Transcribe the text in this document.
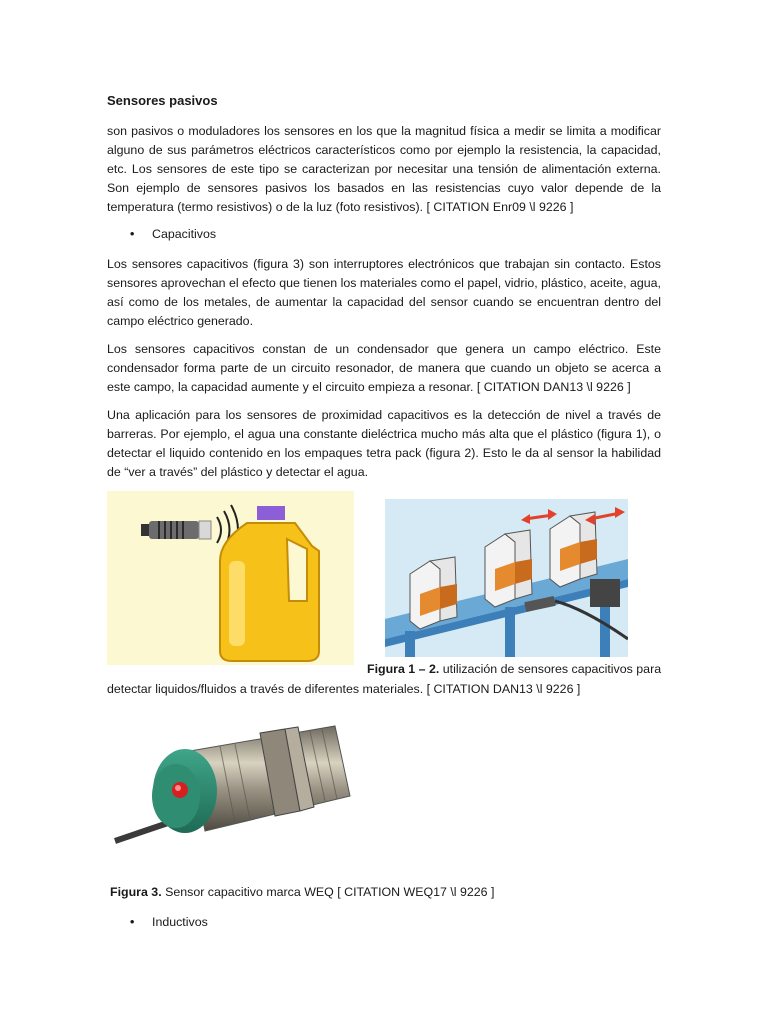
Sensores pasivos
son pasivos o moduladores los sensores en los que la magnitud física a medir se limita a modificar alguno de sus parámetros eléctricos característicos como por ejemplo la resistencia, la capacidad, etc. Los sensores de este tipo se caracterizan por necesitar una tensión de alimentación externa. Son ejemplo de sensores pasivos los basados en las resistencias cuyo valor depende de la temperatura (termo resistivos) o de la luz (foto resistivos). [ CITATION Enr09 \l 9226 ]
•	Capacitivos
Los sensores capacitivos (figura 3) son interruptores electrónicos que trabajan sin contacto. Estos sensores aprovechan el efecto que tienen los materiales como el papel, vidrio, plástico, aceite, agua, así como de los metales, de aumentar la capacidad del sensor cuando se encuentran dentro del campo eléctrico generado.
Los sensores capacitivos constan de un condensador que genera un campo eléctrico. Este condensador forma parte de un circuito resonador, de manera que cuando un objeto se acerca a este campo, la capacidad aumente y el circuito empieza a resonar. [ CITATION DAN13 \l 9226 ]
Una aplicación para los sensores de proximidad capacitivos es la detección de nivel a través de barreras. Por ejemplo, el agua una constante dieléctrica mucho más alta que el plástico (figura 1), o detectar el liquido contenido en los empaques tetra pack (figura 2). Esto le da al sensor la habilidad de “ver a través” del plástico y detectar el agua.
Figura 1 – 2. utilización de sensores capacitivos para
detectar liquidos/fluidos a través de diferentes materiales. [ CITATION DAN13 \l 9226 ]
Figura 3. Sensor capacitivo marca WEQ [ CITATION WEQ17 \l 9226 ]
•	Inductivos
